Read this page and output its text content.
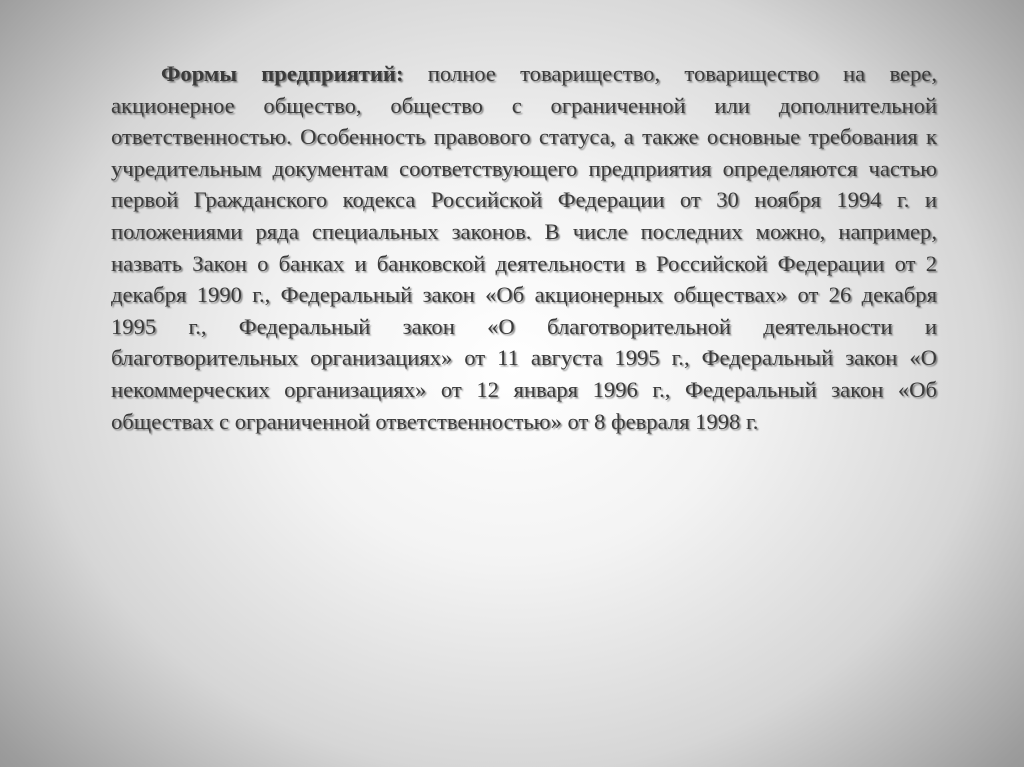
Формы предприятий: полное товарищество, товарищество на вере, акционерное общество, общество с ограниченной или дополнительной ответственностью. Особенность правового статуса, а также основные требования к учредительным документам соответствующего предприятия определяются частью первой Гражданского кодекса Российской Федерации от 30 ноября 1994 г. и положениями ряда специальных законов. В числе последних можно, например, назвать Закон о банках и банковской деятельности в Российской Федерации от 2 декабря 1990 г., Федеральный закон «Об акционерных обществах» от 26 декабря 1995 г., Федеральный закон «О благотворительной деятельности и благотворительных организациях» от 11 августа 1995 г., Федеральный закон «О некоммерческих организациях» от 12 января 1996 г., Федеральный закон «Об обществах с ограниченной ответственностью» от 8 февраля 1998 г.
